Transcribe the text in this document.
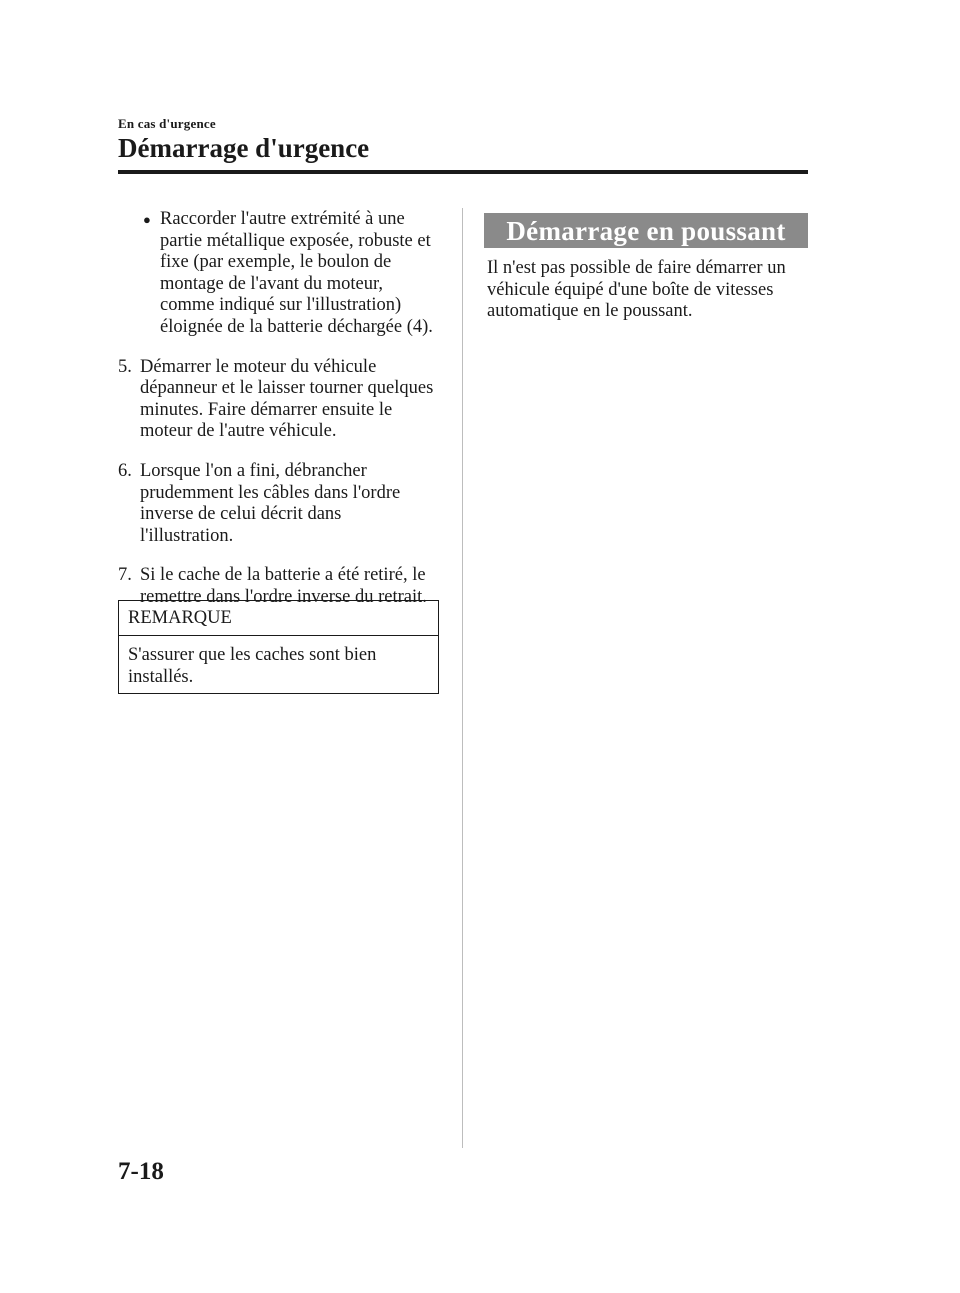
En cas d'urgence
Démarrage d'urgence
● Raccorder l'autre extrémité à une
partie métallique exposée, robuste et
fixe (par exemple, le boulon de
montage de l'avant du moteur,
comme indiqué sur l'illustration)
éloignée de la batterie déchargée (4).
5. Démarrer le moteur du véhicule
dépanneur et le laisser tourner quelques
minutes. Faire démarrer ensuite le
moteur de l'autre véhicule.
6. Lorsque l'on a fini, débrancher
prudemment les câbles dans l'ordre
inverse de celui décrit dans
l'illustration.
7. Si le cache de la batterie a été retiré, le
remettre dans l'ordre inverse du retrait.
REMARQUE
S'assurer que les caches sont bien
installés.
Démarrage en poussant
Il n'est pas possible de faire démarrer un
véhicule équipé d'une boîte de vitesses
automatique en le poussant.
7-18
